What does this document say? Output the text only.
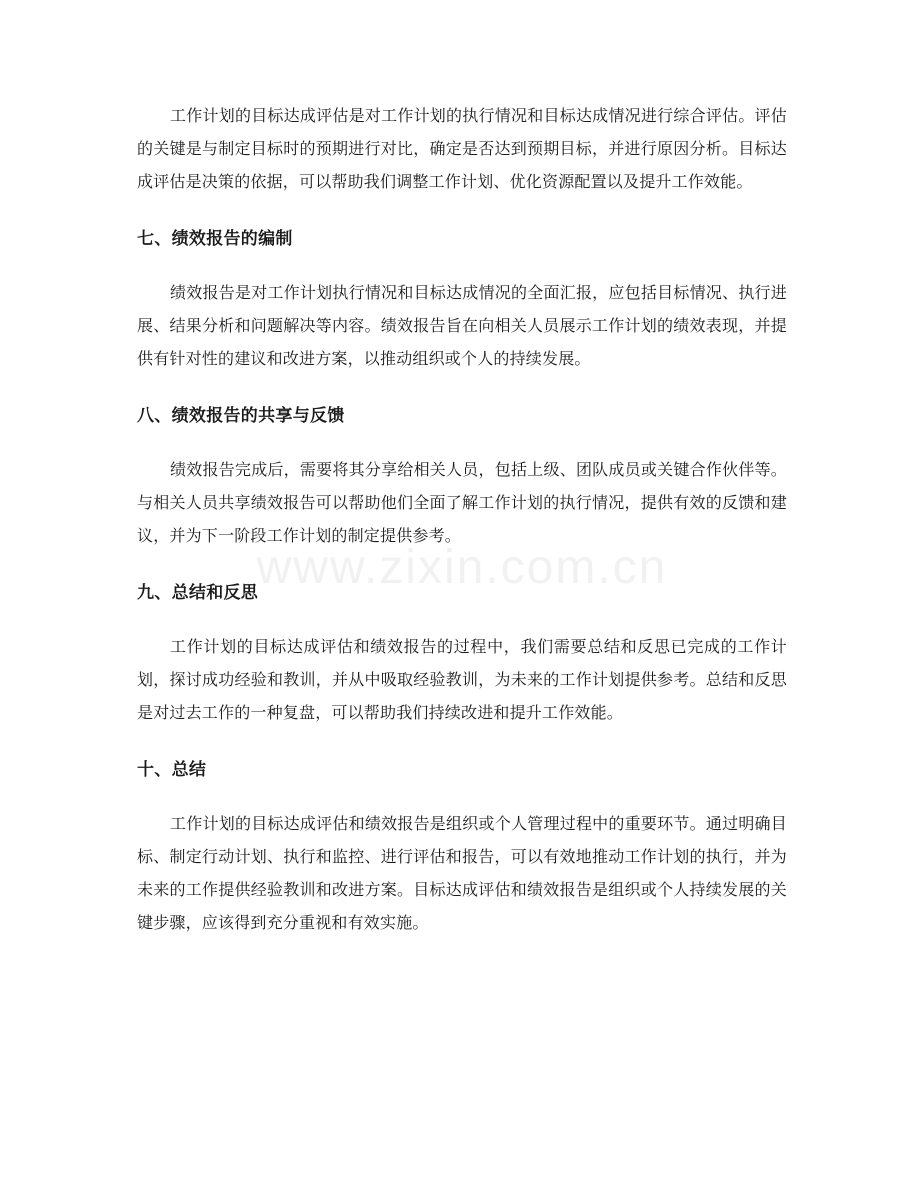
www.zixin.com.cn

工作计划的目标达成评估是对工作计划的执行情况和目标达成情况进行综合评估。评估的关键是与制定目标时的预期进行对比，确定是否达到预期目标，并进行原因分析。目标达成评估是决策的依据，可以帮助我们调整工作计划、优化资源配置以及提升工作效能。

七、绩效报告的编制

绩效报告是对工作计划执行情况和目标达成情况的全面汇报，应包括目标情况、执行进展、结果分析和问题解决等内容。绩效报告旨在向相关人员展示工作计划的绩效表现，并提供有针对性的建议和改进方案，以推动组织或个人的持续发展。

八、绩效报告的共享与反馈

绩效报告完成后，需要将其分享给相关人员，包括上级、团队成员或关键合作伙伴等。与相关人员共享绩效报告可以帮助他们全面了解工作计划的执行情况，提供有效的反馈和建议，并为下一阶段工作计划的制定提供参考。

九、总结和反思

工作计划的目标达成评估和绩效报告的过程中，我们需要总结和反思已完成的工作计划，探讨成功经验和教训，并从中吸取经验教训，为未来的工作计划提供参考。总结和反思是对过去工作的一种复盘，可以帮助我们持续改进和提升工作效能。

十、总结

工作计划的目标达成评估和绩效报告是组织或个人管理过程中的重要环节。通过明确目标、制定行动计划、执行和监控、进行评估和报告，可以有效地推动工作计划的执行，并为未来的工作提供经验教训和改进方案。目标达成评估和绩效报告是组织或个人持续发展的关键步骤，应该得到充分重视和有效实施。
